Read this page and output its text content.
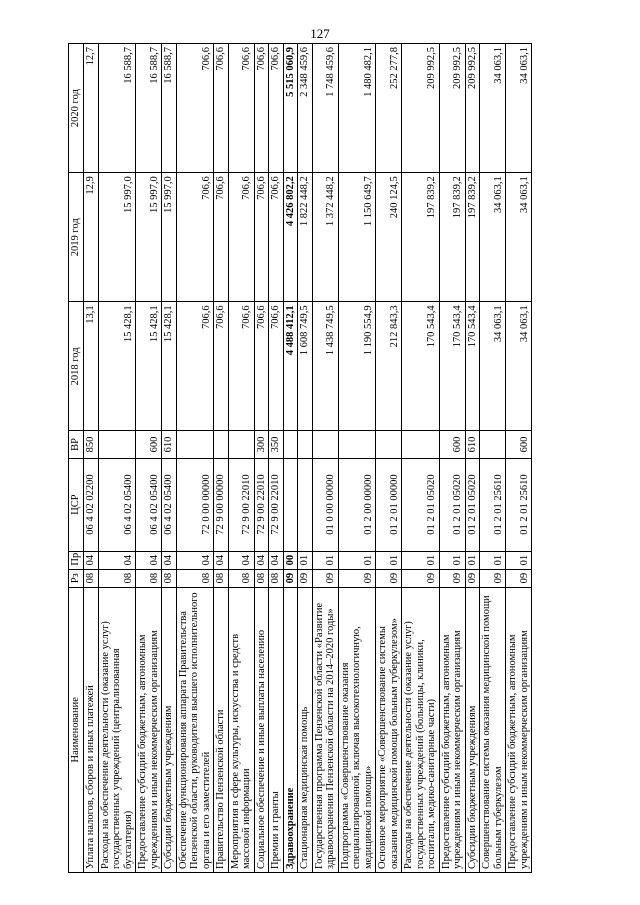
127
Наименование	Рз	Пр	ЦСР	ВР	2018 год	2019 год	2020 год
Уплата налогов, сборов и иных платежей	08	04	06 4 02 02200	850	13,1	12,9	12,7
Расходы на обеспечение деятельности (оказание услуг) государственных учреждений (централизованная бухгалтерия)	08	04	06 4 02 05400		15 428,1	15 997,0	16 588,7
Предоставление субсидий бюджетным, автономным учреждениям и иным некоммерческим организациям	08	04	06 4 02 05400	600	15 428,1	15 997,0	16 588,7
Субсидии бюджетным учреждениям	08	04	06 4 02 05400	610	15 428,1	15 997,0	16 588,7
Обеспечение функционирования аппарата Правительства Пензенской области, руководителя высшего исполнительного органа и его заместителей	08	04	72 0 00 00000		706,6	706,6	706,6
Правительство Пензенской области	08	04	72 9 00 00000		706,6	706,6	706,6
Мероприятия в сфере культуры, искусства и средств массовой информации	08	04	72 9 00 22010		706,6	706,6	706,6
Социальное обеспечение и иные выплаты населению	08	04	72 9 00 22010	300	706,6	706,6	706,6
Премии и гранты	08	04	72 9 00 22010	350	706,6	706,6	706,6
Здравоохранение	09	00			4 488 412,1	4 426 802,2	5 515 060,9
Стационарная медицинская помощь	09	01			1 608 749,5	1 822 448,2	2 348 459,6
Государственная программа Пензенской области «Развитие здравоохранения Пензенской области на 2014–2020 годы»	09	01	01 0 00 00000		1 438 749,5	1 372 448,2	1 748 459,6
Подпрограмма «Совершенствование оказания специализированной, включая высокотехнологичную, медицинской помощи»	09	01	01 2 00 00000		1 190 554,9	1 150 649,7	1 480 482,1
Основное мероприятие «Совершенствование системы оказания медицинской помощи больным туберкулезом»	09	01	01 2 01 00000		212 843,3	240 124,5	252 277,8
Расходы на обеспечение деятельности (оказание услуг) государственных учреждений (больницы, клиники, госпитали, медико-санитарные части)	09	01	01 2 01 05020		170 543,4	197 839,2	209 992,5
Предоставление субсидий бюджетным, автономным учреждениям и иным некоммерческим организациям	09	01	01 2 01 05020	600	170 543,4	197 839,2	209 992,5
Субсидии бюджетным учреждениям	09	01	01 2 01 05020	610	170 543,4	197 839,2	209 992,5
Совершенствование системы оказания медицинской помощи больным туберкулезом	09	01	01 2 01 25610		34 063,1	34 063,1	34 063,1
Предоставление субсидий бюджетным, автономным учреждениям и иным некоммерческим организациям	09	01	01 2 01 25610	600	34 063,1	34 063,1	34 063,1
